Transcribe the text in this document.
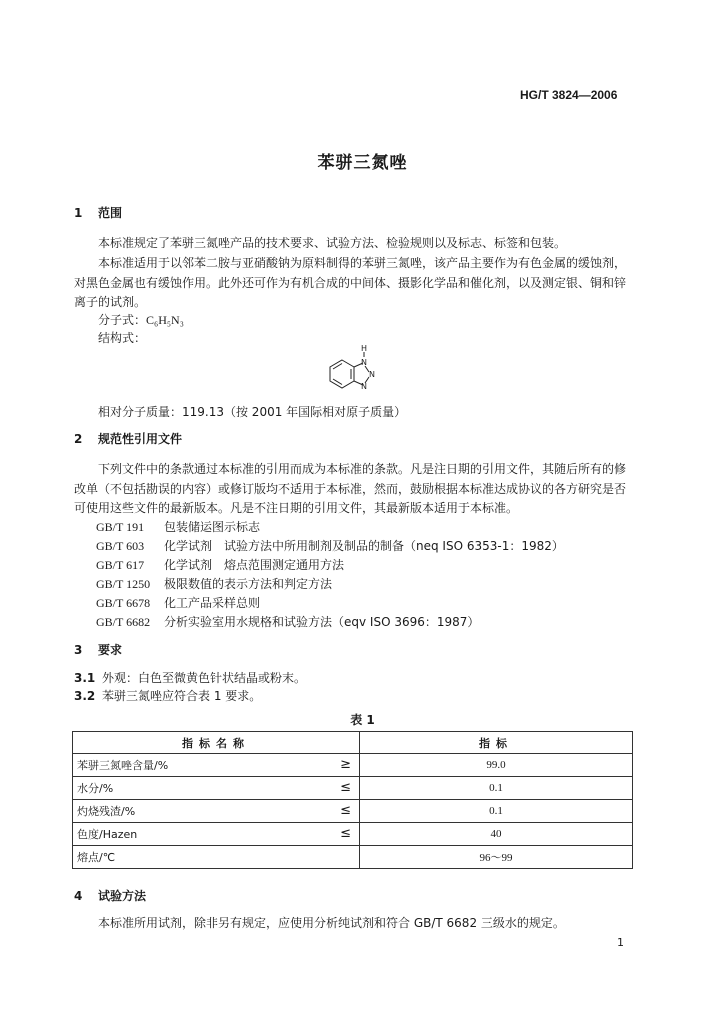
HG/T 3824—2006
苯骈三氮唑
1 范围
本标准规定了苯骈三氮唑产品的技术要求、试验方法、检验规则以及标志、标签和包装。
本标准适用于以邻苯二胺与亚硝酸钠为原料制得的苯骈三氮唑，该产品主要作为有色金属的缓蚀剂，对黑色金属也有缓蚀作用。此外还可作为有机合成的中间体、摄影化学品和催化剂，以及测定银、铜和锌离子的试剂。
分子式：C₆H₅N₃
结构式：
H
N
N
N
相对分子质量：119.13（按 2001 年国际相对原子质量）
2 规范性引用文件
下列文件中的条款通过本标准的引用而成为本标准的条款。凡是注日期的引用文件，其随后所有的修改单（不包括勘误的内容）或修订版均不适用于本标准，然而，鼓励根据本标准达成协议的各方研究是否可使用这些文件的最新版本。凡是不注日期的引用文件，其最新版本适用于本标准。
GB/T 191 包装储运图示标志
GB/T 603 化学试剂　试验方法中所用制剂及制品的制备（neq ISO 6353-1：1982）
GB/T 617 化学试剂　熔点范围测定通用方法
GB/T 1250 极限数值的表示方法和判定方法
GB/T 6678 化工产品采样总则
GB/T 6682 分析实验室用水规格和试验方法（eqv ISO 3696：1987）
3 要求
3.1 外观：白色至微黄色针状结晶或粉末。
3.2 苯骈三氮唑应符合表 1 要求。
表 1
指标名称	指标
苯骈三氮唑含量/% ≥	99.0
水分/% ≤	0.1
灼烧残渣/% ≤	0.1
色度/Hazen ≤	40
熔点/℃	96～99
4 试验方法
本标准所用试剂，除非另有规定，应使用分析纯试剂和符合 GB/T 6682 三级水的规定。
1
